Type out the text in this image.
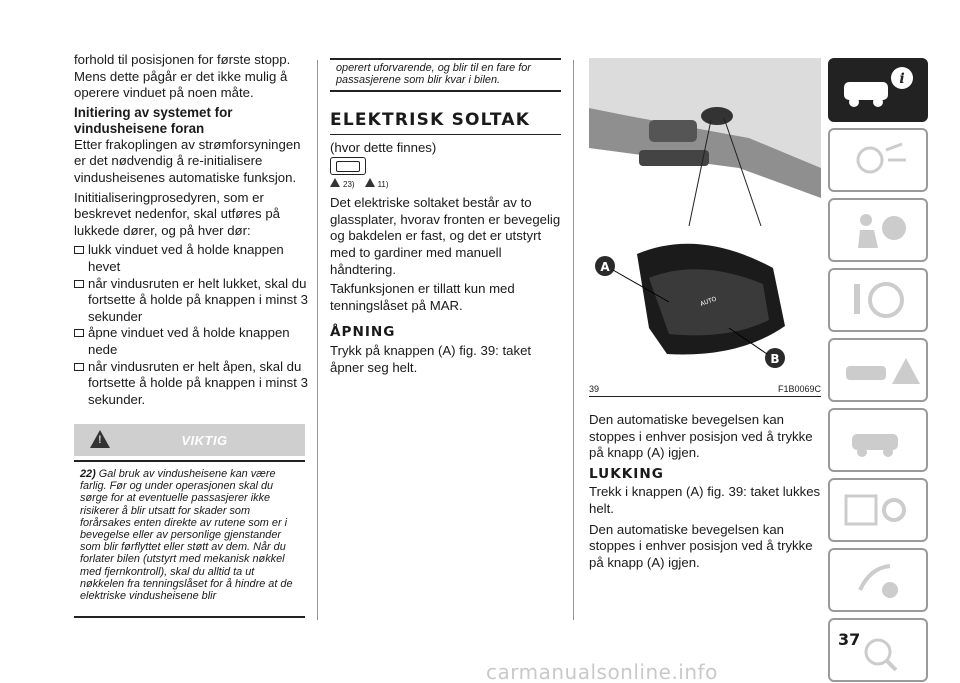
forhold til posisjonen for første stopp. Mens dette pågår er det ikke mulig å operere vinduet på noen måte.

Initiering av systemet for vindusheisene foran

Etter frakoplingen av strømforsyningen er det nødvendig å re-initialisere vindusheisenes automatiske funksjon.

Inititialiseringprosedyren, som er beskrevet nedenfor, skal utføres på lukkede dører, og på hver dør:

lukk vinduet ved å holde knappen hevet
når vindusruten er helt lukket, skal du fortsette å holde på knappen i minst 3 sekunder
åpne vinduet ved å holde knappen nede
når vindusruten er helt åpen, skal du fortsette å holde på knappen i minst 3 sekunder.
!
VIKTIG
22) Gal bruk av vindusheisene kan være farlig. Før og under operasjonen skal du sørge for at eventuelle passasjerer ikke risikerer å blir utsatt for skader som forårsakes enten direkte av rutene som er i bevegelse eller av personlige gjenstander som blir førflyttet eller støtt av dem. Når du forlater bilen (utstyrt med mekanisk nøkkel med fjernkontroll), skal du alltid ta ut nøkkelen fra tenningslåset for å hindre at de elektriske vindusheisene blir
operert uforvarende, og blir til en fare for passasjerene som blir kvar i bilen.
ELEKTRISK SOLTAK

(hvor dette finnes)

23)	11)

Det elektriske soltaket består av to glassplater, hvorav fronten er bevegelig og bakdelen er fast, og det er utstyrt med to gardiner med manuell håndtering.

Takfunksjonen er tillatt kun med tenningslåset på MAR.

ÅPNING

Trykk på knappen (A) fig. 39: taket åpner seg helt.

A
B
AUTO
39	F1B0069C

Den automatiske bevegelsen kan stoppes i enhver posisjon ved å trykke på knapp (A) igjen.

LUKKING

Trekk i knappen (A) fig. 39: taket lukkes helt.

Den automatiske bevegelsen kan stoppes i enhver posisjon ved å trykke på knapp (A) igjen.

i
37
carmanualsonline.info
